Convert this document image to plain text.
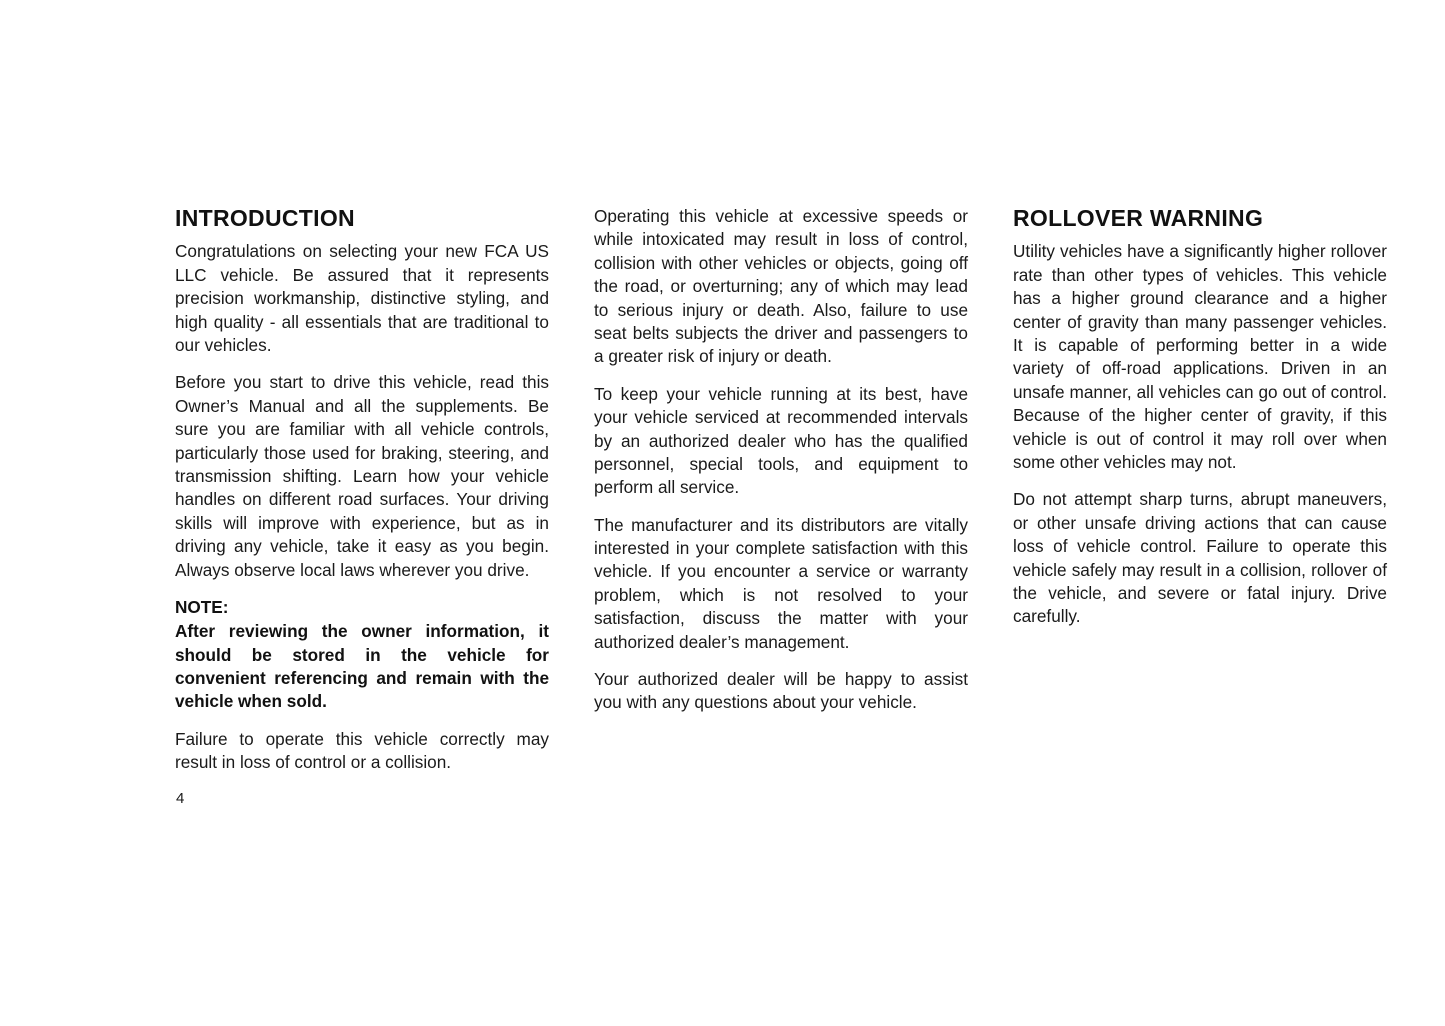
INTRODUCTION

Congratulations on selecting your new FCA US LLC vehicle. Be assured that it represents precision workmanship, distinctive styling, and high quality - all essentials that are traditional to our vehicles.

Before you start to drive this vehicle, read this Owner’s Manual and all the supplements. Be sure you are familiar with all vehicle controls, particularly those used for braking, steering, and transmission shifting. Learn how your vehicle handles on different road surfaces. Your driving skills will improve with experience, but as in driving any vehicle, take it easy as you begin. Always observe local laws wherever you drive.

NOTE:

After reviewing the owner information, it should be stored in the vehicle for convenient referencing and remain with the vehicle when sold.

Failure to operate this vehicle correctly may result in loss of control or a collision.

Operating this vehicle at excessive speeds or while intoxicated may result in loss of control, collision with other vehicles or objects, going off the road, or overturning; any of which may lead to serious injury or death. Also, failure to use seat belts subjects the driver and passengers to a greater risk of injury or death.

To keep your vehicle running at its best, have your vehicle serviced at recommended intervals by an authorized dealer who has the qualified personnel, special tools, and equipment to perform all service.

The manufacturer and its distributors are vitally interested in your complete satisfaction with this vehicle. If you encounter a service or warranty problem, which is not resolved to your satisfaction, discuss the matter with your authorized dealer’s management.

Your authorized dealer will be happy to assist you with any questions about your vehicle.

ROLLOVER WARNING

Utility vehicles have a significantly higher rollover rate than other types of vehicles. This vehicle has a higher ground clearance and a higher center of gravity than many passenger vehicles. It is capable of performing better in a wide variety of off-road applications. Driven in an unsafe manner, all vehicles can go out of control. Because of the higher center of gravity, if this vehicle is out of control it may roll over when some other vehicles may not.

Do not attempt sharp turns, abrupt maneuvers, or other unsafe driving actions that can cause loss of vehicle control. Failure to operate this vehicle safely may result in a collision, rollover of the vehicle, and severe or fatal injury. Drive carefully.

4
